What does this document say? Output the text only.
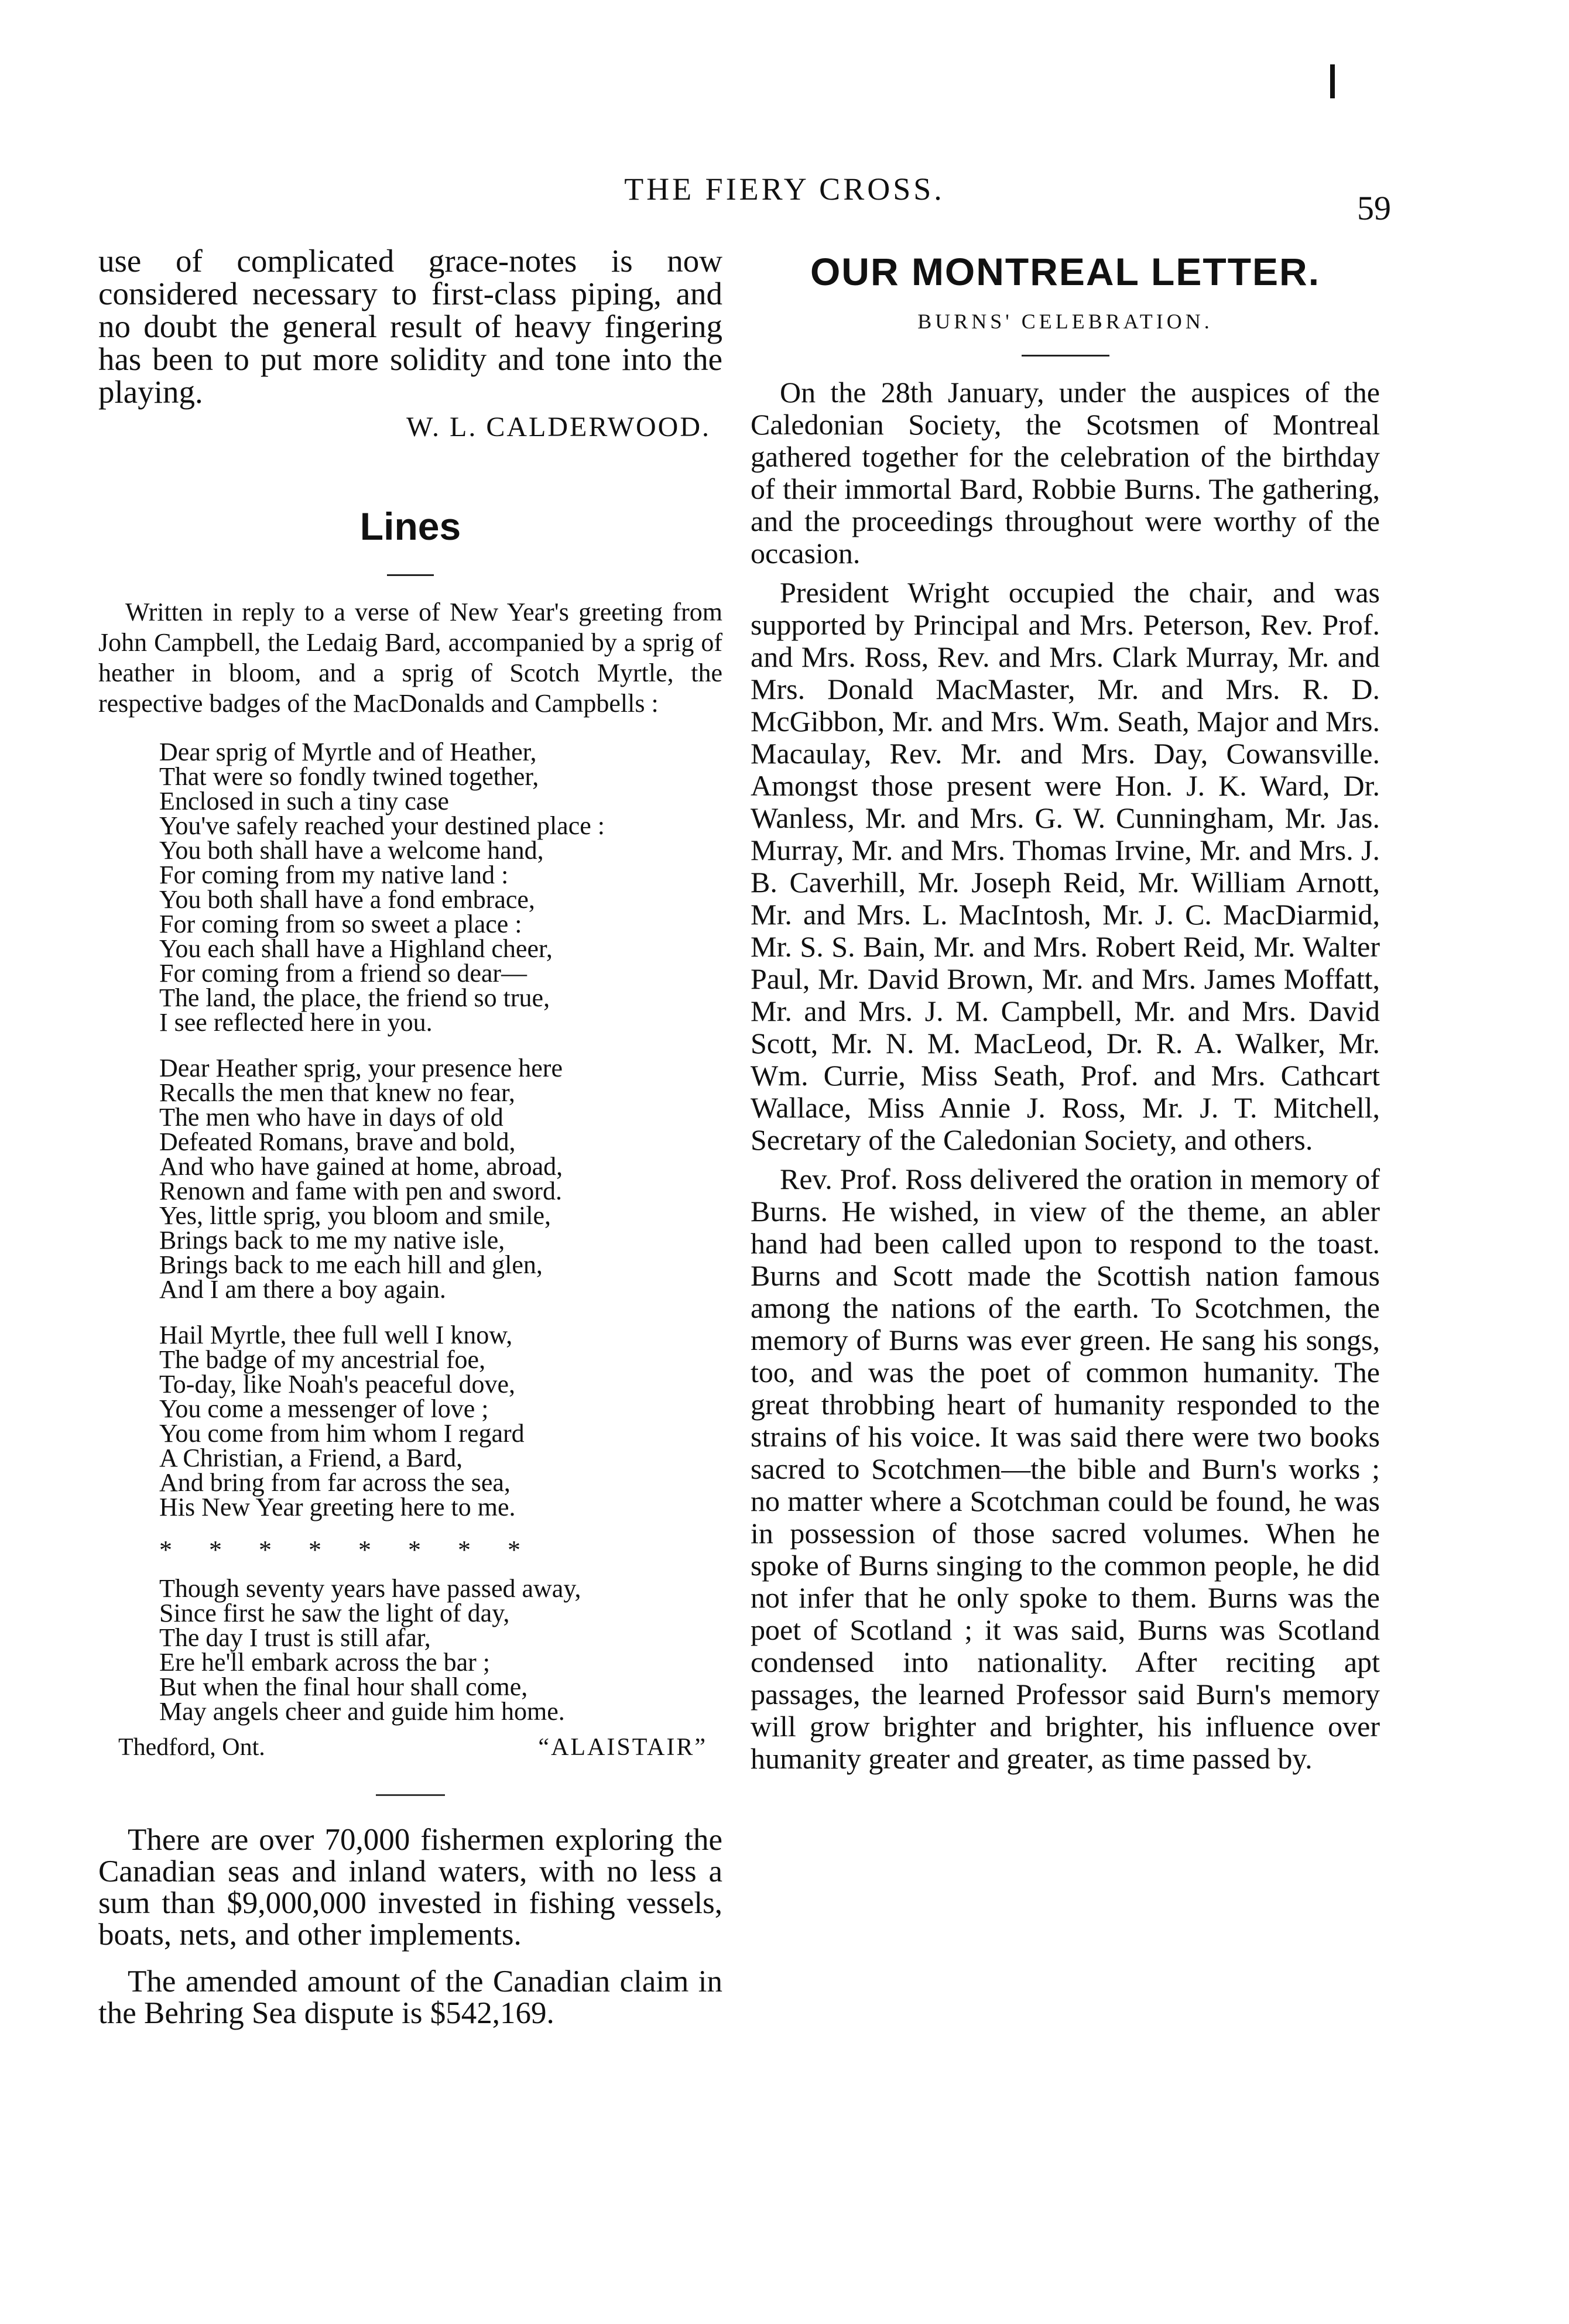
THE FIERY CROSS.	59

use of complicated grace-notes is now considered necessary to first-class piping, and no doubt the general result of heavy fingering has been to put more solidity and tone into the playing.

W. L. CALDERWOOD.
Lines

Written in reply to a verse of New Year's greeting from John Campbell, the Ledaig Bard, accompanied by a sprig of heather in bloom, and a sprig of Scotch Myrtle, the respective badges of the MacDonalds and Campbells :

Dear sprig of Myrtle and of Heather,
That were so fondly twined together,
Enclosed in such a tiny case
You've safely reached your destined place :
You both shall have a welcome hand,
For coming from my native land :
You both shall have a fond embrace,
For coming from so sweet a place :
You each shall have a Highland cheer,
For coming from a friend so dear—
The land, the place, the friend so true,
I see reflected here in you.
Dear Heather sprig, your presence here
Recalls the men that knew no fear,
The men who have in days of old
Defeated Romans, brave and bold,
And who have gained at home, abroad,
Renown and fame with pen and sword.
Yes, little sprig, you bloom and smile,
Brings back to me my native isle,
Brings back to me each hill and glen,
And I am there a boy again.
Hail Myrtle, thee full well I know,
The badge of my ancestrial foe,
To-day, like Noah's peaceful dove,
You come a messenger of love ;
You come from him whom I regard
A Christian, a Friend, a Bard,
And bring from far across the sea,
His New Year greeting here to me.
* * * * * * * *
Though seventy years have passed away,
Since first he saw the light of day,
The day I trust is still afar,
Ere he'll embark across the bar ;
But when the final hour shall come,
May angels cheer and guide him home.
Thedford, Ont.	“ALAISTAIR”

There are over 70,000 fishermen exploring the Canadian seas and inland waters, with no less a sum than $9,000,000 invested in fishing vessels, boats, nets, and other implements.

The amended amount of the Canadian claim in the Behring Sea dispute is $542,169.

OUR MONTREAL LETTER.
BURNS' CELEBRATION.

On the 28th January, under the auspices of the Caledonian Society, the Scotsmen of Montreal gathered together for the celebration of the birthday of their immortal Bard, Robbie Burns. The gathering, and the proceedings throughout were worthy of the occasion.

President Wright occupied the chair, and was supported by Principal and Mrs. Peterson, Rev. Prof. and Mrs. Ross, Rev. and Mrs. Clark Murray, Mr. and Mrs. Donald MacMaster, Mr. and Mrs. R. D. McGibbon, Mr. and Mrs. Wm. Seath, Major and Mrs. Macaulay, Rev. Mr. and Mrs. Day, Cowansville. Amongst those present were Hon. J. K. Ward, Dr. Wanless, Mr. and Mrs. G. W. Cunningham, Mr. Jas. Murray, Mr. and Mrs. Thomas Irvine, Mr. and Mrs. J. B. Caverhill, Mr. Joseph Reid, Mr. William Arnott, Mr. and Mrs. L. MacIntosh, Mr. J. C. MacDiarmid, Mr. S. S. Bain, Mr. and Mrs. Robert Reid, Mr. Walter Paul, Mr. David Brown, Mr. and Mrs. James Moffatt, Mr. and Mrs. J. M. Campbell, Mr. and Mrs. David Scott, Mr. N. M. MacLeod, Dr. R. A. Walker, Mr. Wm. Currie, Miss Seath, Prof. and Mrs. Cathcart Wallace, Miss Annie J. Ross, Mr. J. T. Mitchell, Secretary of the Caledonian Society, and others.

Rev. Prof. Ross delivered the oration in memory of Burns. He wished, in view of the theme, an abler hand had been called upon to respond to the toast. Burns and Scott made the Scottish nation famous among the nations of the earth. To Scotchmen, the memory of Burns was ever green. He sang his songs, too, and was the poet of common humanity. The great throbbing heart of humanity responded to the strains of his voice. It was said there were two books sacred to Scotchmen—the bible and Burn's works ; no matter where a Scotchman could be found, he was in possession of those sacred volumes. When he spoke of Burns singing to the common people, he did not infer that he only spoke to them. Burns was the poet of Scotland ; it was said, Burns was Scotland condensed into nationality. After reciting apt passages, the learned Professor said Burn's memory will grow brighter and brighter, his influence over humanity greater and greater, as time passed by.
